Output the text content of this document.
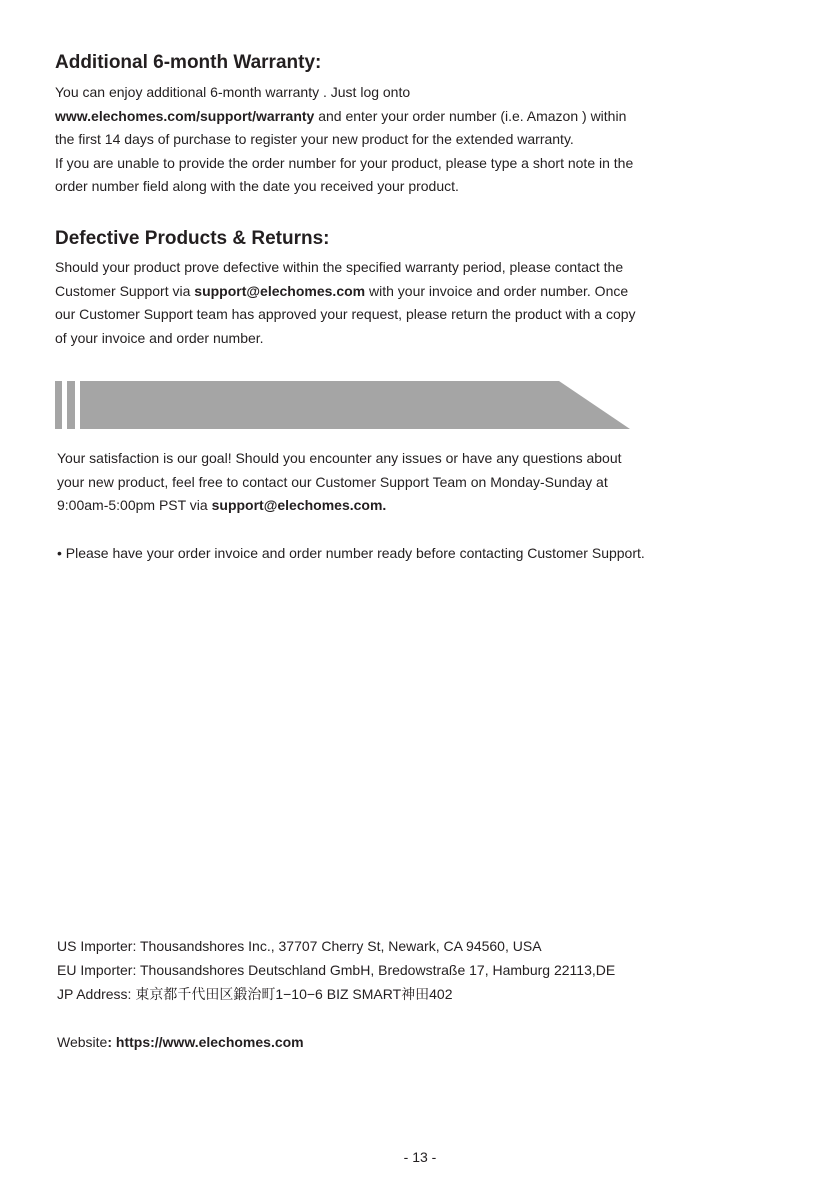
Additional 6-month Warranty:
You can enjoy additional 6-month warranty . Just log onto
www.elechomes.com/support/warranty and enter your order number (i.e. Amazon ) within
the first 14 days of purchase to register your new product for the extended warranty.
If you are unable to provide the order number for your product, please type a short note in the
order number field along with the date you received your product.
Defective Products & Returns:
Should your product prove defective within the specified warranty period, please contact the
Customer Support via support@elechomes.com with your invoice and order number. Once
our Customer Support team has approved your request, please return the product with a copy
of your invoice and order number.
Your satisfaction is our goal! Should you encounter any issues or have any questions about
your new product, feel free to contact our Customer Support Team on Monday-Sunday at
9:00am-5:00pm PST via support@elechomes.com.
• Please have your order invoice and order number ready before contacting Customer Support.
US Importer: Thousandshores Inc., 37707 Cherry St, Newark, CA 94560, USA
EU Importer: Thousandshores Deutschland GmbH, Bredowstraße 17, Hamburg 22113,DE
JP Address: 東京都千代田区鍛治町1−10−6 BIZ SMART神田402
Website: https://www.elechomes.com
- 13 -
